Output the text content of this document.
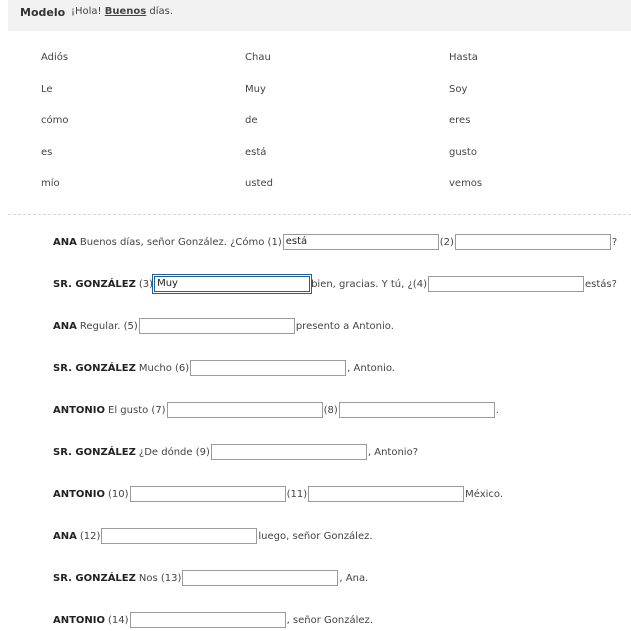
Modelo ¡Hola! Buenos días.
Adiós	Chau	Hasta
Le	Muy	Soy
cómo	de	eres
es	está	gusto
mío	usted	vemos
ANA Buenos días, señor González. ¿Cómo (1) está	(2)	?
SR. GONZÁLEZ (3) Muy	bien, gracias. Y tú, ¿(4)	estás?
ANA Regular. (5)	presento a Antonio.
SR. GONZÁLEZ Mucho (6)	, Antonio.
ANTONIO El gusto (7)	(8)	.
SR. GONZÁLEZ ¿De dónde (9)	, Antonio?
ANTONIO (10)	(11)	México.
ANA (12)	luego, señor González.
SR. GONZÁLEZ Nos (13)	, Ana.
ANTONIO (14)	, señor González.
